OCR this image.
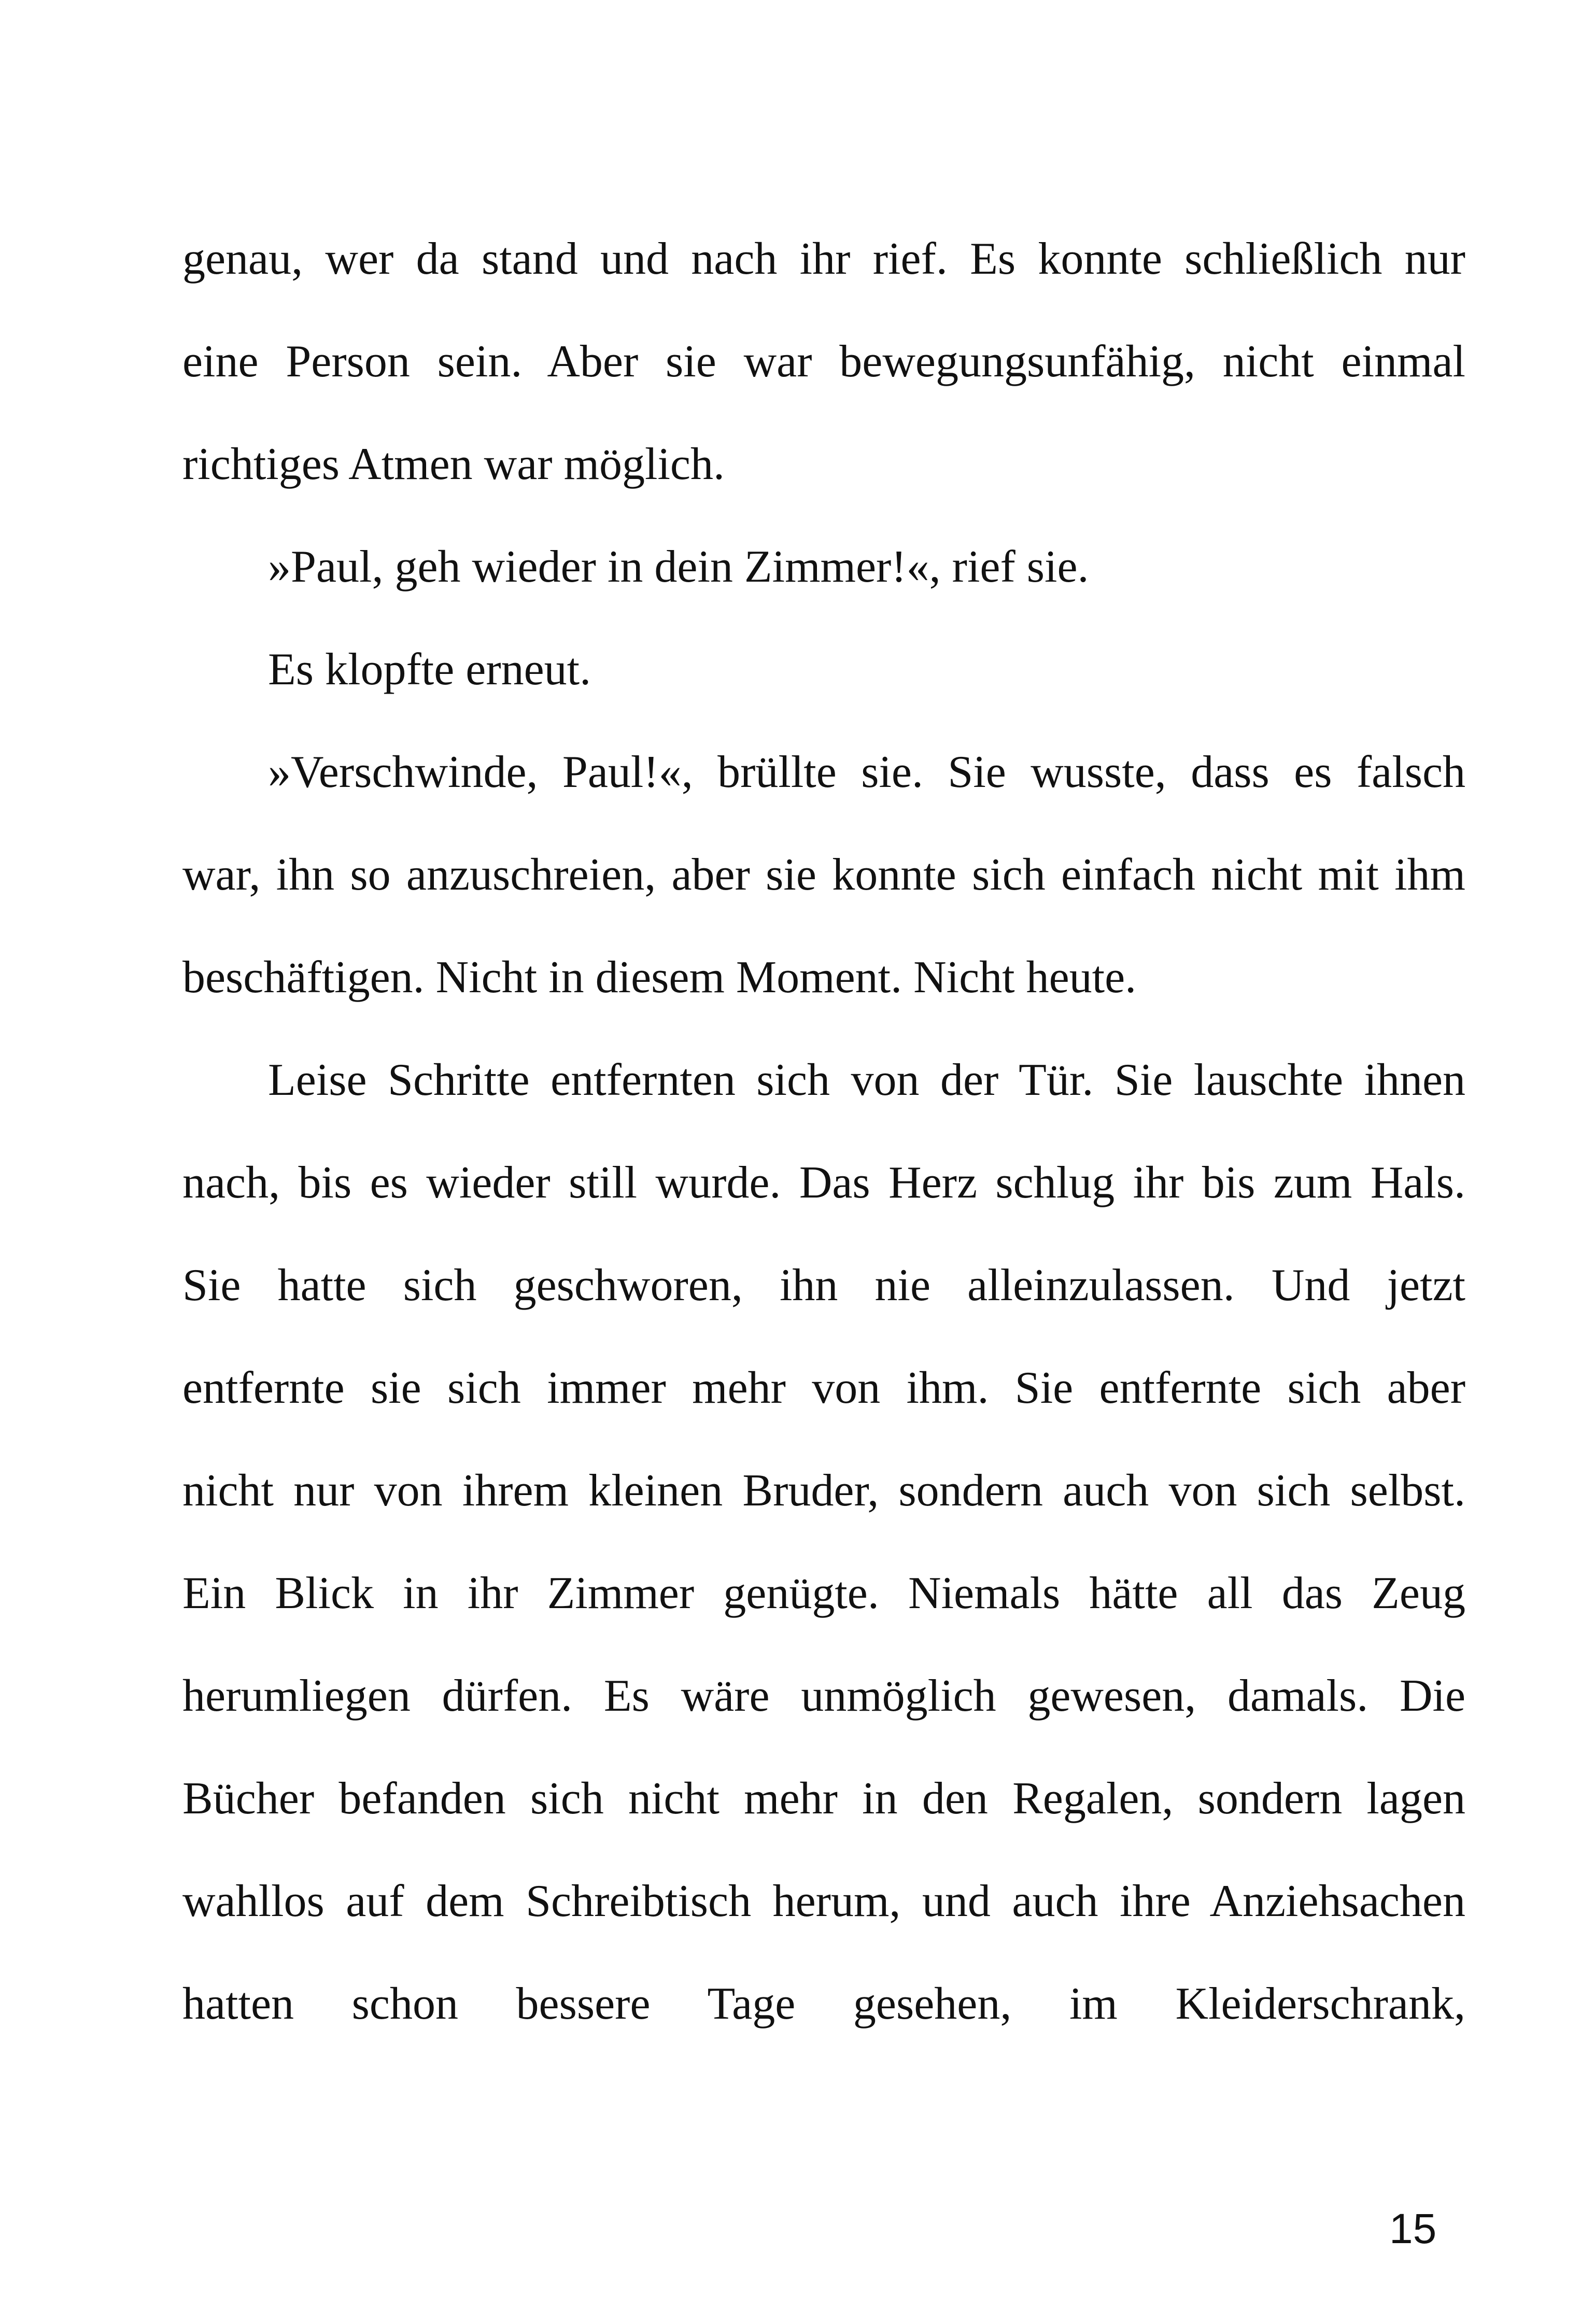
genau, wer da stand und nach ihr rief. Es konnte schließlich nur
eine Person sein. Aber sie war bewegungsunfähig, nicht einmal
richtiges Atmen war möglich.
»Paul, geh wieder in dein Zimmer!«, rief sie.
Es klopfte erneut.
»Verschwinde, Paul!«, brüllte sie. Sie wusste, dass es falsch
war, ihn so anzuschreien, aber sie konnte sich einfach nicht mit ihm
beschäftigen. Nicht in diesem Moment. Nicht heute.
Leise Schritte entfernten sich von der Tür. Sie lauschte ihnen
nach, bis es wieder still wurde. Das Herz schlug ihr bis zum Hals.
Sie hatte sich geschworen, ihn nie alleinzulassen. Und jetzt
entfernte sie sich immer mehr von ihm. Sie entfernte sich aber
nicht nur von ihrem kleinen Bruder, sondern auch von sich selbst.
Ein Blick in ihr Zimmer genügte. Niemals hätte all das Zeug
herumliegen dürfen. Es wäre unmöglich gewesen, damals. Die
Bücher befanden sich nicht mehr in den Regalen, sondern lagen
wahllos auf dem Schreibtisch herum, und auch ihre Anziehsachen
hatten schon bessere Tage gesehen, im Kleiderschrank,
15
